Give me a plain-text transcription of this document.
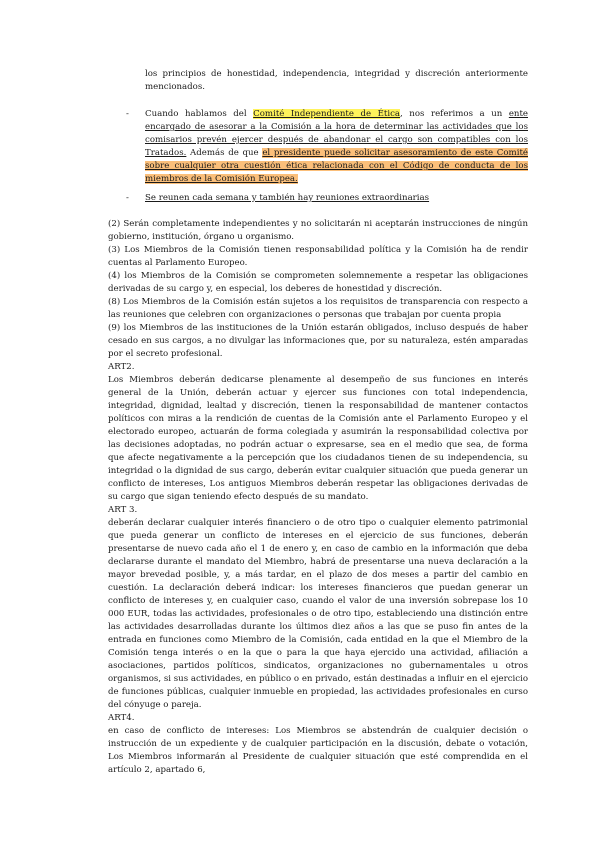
los principios de honestidad, independencia, integridad y discreción anteriormente mencionados.
-	Cuando hablamos del Comité Independiente de Ética, nos referimos a un ente encargado de asesorar a la Comisión a la hora de determinar las actividades que los comisarios prevén ejercer después de abandonar el cargo son compatibles con los Tratados. Además de que el presidente puede solicitar asesoramiento de este Comité sobre cualquier otra cuestión ética relacionada con el Código de conducta de los miembros de la Comisión Europea.
-	Se reunen cada semana y también hay reuniones extraordinarias

(2) Serán completamente independientes y no solicitarán ni aceptarán instrucciones de ningún gobierno, institución, órgano u organismo.

(3) Los Miembros de la Comisión tienen responsabilidad política y la Comisión ha de rendir cuentas al Parlamento Europeo.

(4) los Miembros de la Comisión se comprometen solemnemente a respetar las obligaciones derivadas de su cargo y, en especial, los deberes de honestidad y discreción.

(8) Los Miembros de la Comisión están sujetos a los requisitos de transparencia con respecto a las reuniones que celebren con organizaciones o personas que trabajan por cuenta propia

(9) los Miembros de las instituciones de la Unión estarán obligados, incluso después de haber cesado en sus cargos, a no divulgar las informaciones que, por su naturaleza, estén amparadas por el secreto profesional.

ART2.

Los Miembros deberán dedicarse plenamente al desempeño de sus funciones en interés general de la Unión, deberán actuar y ejercer sus funciones con total independencia, integridad, dignidad, lealtad y discreción, tienen la responsabilidad de mantener contactos políticos con miras a la rendición de cuentas de la Comisión ante el Parlamento Europeo y el electorado europeo, actuarán de forma colegiada y asumirán la responsabilidad colectiva por las decisiones adoptadas, no podrán actuar o expresarse, sea en el medio que sea, de forma que afecte negativamente a la percepción que los ciudadanos tienen de su independencia, su integridad o la dignidad de sus cargo, deberán evitar cualquier situación que pueda generar un conflicto de intereses, Los antiguos Miembros deberán respetar las obligaciones derivadas de su cargo que sigan teniendo efecto después de su mandato.

ART 3.

deberán declarar cualquier interés financiero o de otro tipo o cualquier elemento patrimonial que pueda generar un conflicto de intereses en el ejercicio de sus funciones, deberán presentarse de nuevo cada año el 1 de enero y, en caso de cambio en la información que deba declararse durante el mandato del Miembro, habrá de presentarse una nueva declaración a la mayor brevedad posible, y, a más tardar, en el plazo de dos meses a partir del cambio en cuestión. La declaración deberá indicar: los intereses financieros que puedan generar un conflicto de intereses y, en cualquier caso, cuando el valor de una inversión sobrepase los 10 000 EUR, todas las actividades, profesionales o de otro tipo, estableciendo una distinción entre las actividades desarrolladas durante los últimos diez años a las que se puso fin antes de la entrada en funciones como Miembro de la Comisión, cada entidad en la que el Miembro de la Comisión tenga interés o en la que o para la que haya ejercido una actividad, afiliación a asociaciones, partidos políticos, sindicatos, organizaciones no gubernamentales u otros organismos, si sus actividades, en público o en privado, están destinadas a influir en el ejercicio de funciones públicas, cualquier inmueble en propiedad, las actividades profesionales en curso del cónyuge o pareja.

ART4.

en caso de conflicto de intereses: Los Miembros se abstendrán de cualquier decisión o instrucción de un expediente y de cualquier participación en la discusión, debate o votación, Los Miembros informarán al Presidente de cualquier situación que esté comprendida en el artículo 2, apartado 6,
